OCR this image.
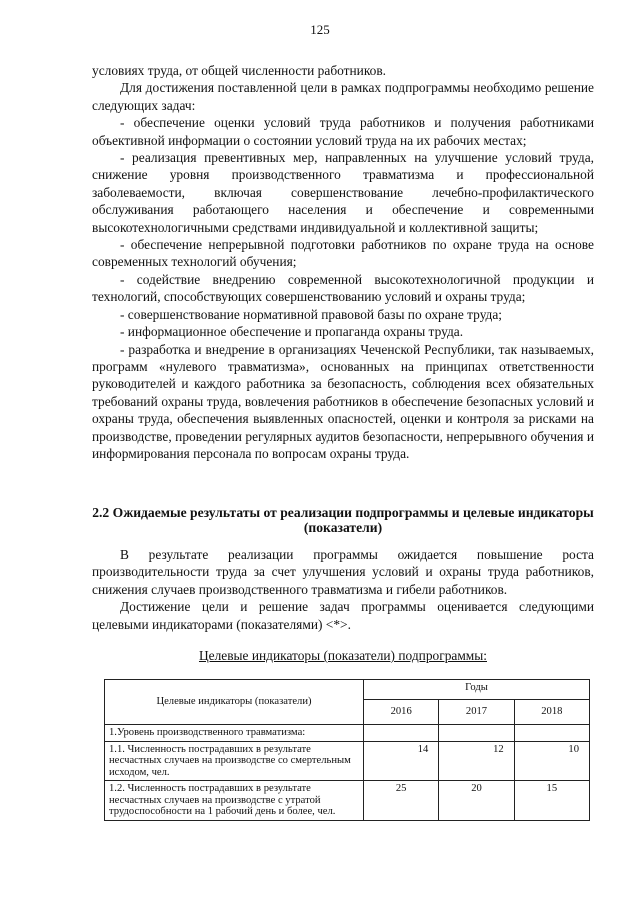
125

условиях труда, от общей численности работников.

Для достижения поставленной цели в рамках подпрограммы необходимо решение следующих задач:

- обеспечение оценки условий труда работников и получения работниками объективной информации о состоянии условий труда на их рабочих местах;

- реализация превентивных мер, направленных на улучшение условий труда, снижение уровня производственного травматизма и профессиональной заболеваемости, включая совершенствование лечебно-профилактического обслуживания работающего населения и обеспечение и современными высокотехнологичными средствами индивидуальной и коллективной защиты;

- обеспечение непрерывной подготовки работников по охране труда на основе современных технологий обучения;

- содействие внедрению современной высокотехнологичной продукции и технологий, способствующих совершенствованию условий и охраны труда;

- совершенствование нормативной правовой базы по охране труда;

- информационное обеспечение и пропаганда охраны труда.

- разработка и внедрение в организациях Чеченской Республики, так называемых, программ «нулевого травматизма», основанных на принципах ответственности руководителей и каждого работника за безопасность, соблюдения всех обязательных требований охраны труда, вовлечения работников в обеспечение безопасных условий и охраны труда, обеспечения выявленных опасностей, оценки и контроля за рисками на производстве, проведении регулярных аудитов безопасности, непрерывного обучения и информирования персонала по вопросам охраны труда.

2.2 Ожидаемые результаты от реализации подпрограммы и целевые индикаторы (показатели)

В результате реализации программы ожидается повышение роста производительности труда за счет улучшения условий и охраны труда работников, снижения случаев производственного травматизма и гибели работников.

Достижение цели и решение задач программы оценивается следующими целевыми индикаторами (показателями) <*>.

Целевые индикаторы (показатели) подпрограммы:
Целевые индикаторы (показатели)	Годы		
	2016	2017	2018
1.Уровень производственного травматизма:			
1.1. Численность пострадавших в результате несчастных случаев на производстве со смертельным исходом, чел.	14	12	10
1.2. Численность пострадавших в результате несчастных случаев на производстве с утратой трудоспособности на 1 рабочий день и более, чел.	25	20	15
